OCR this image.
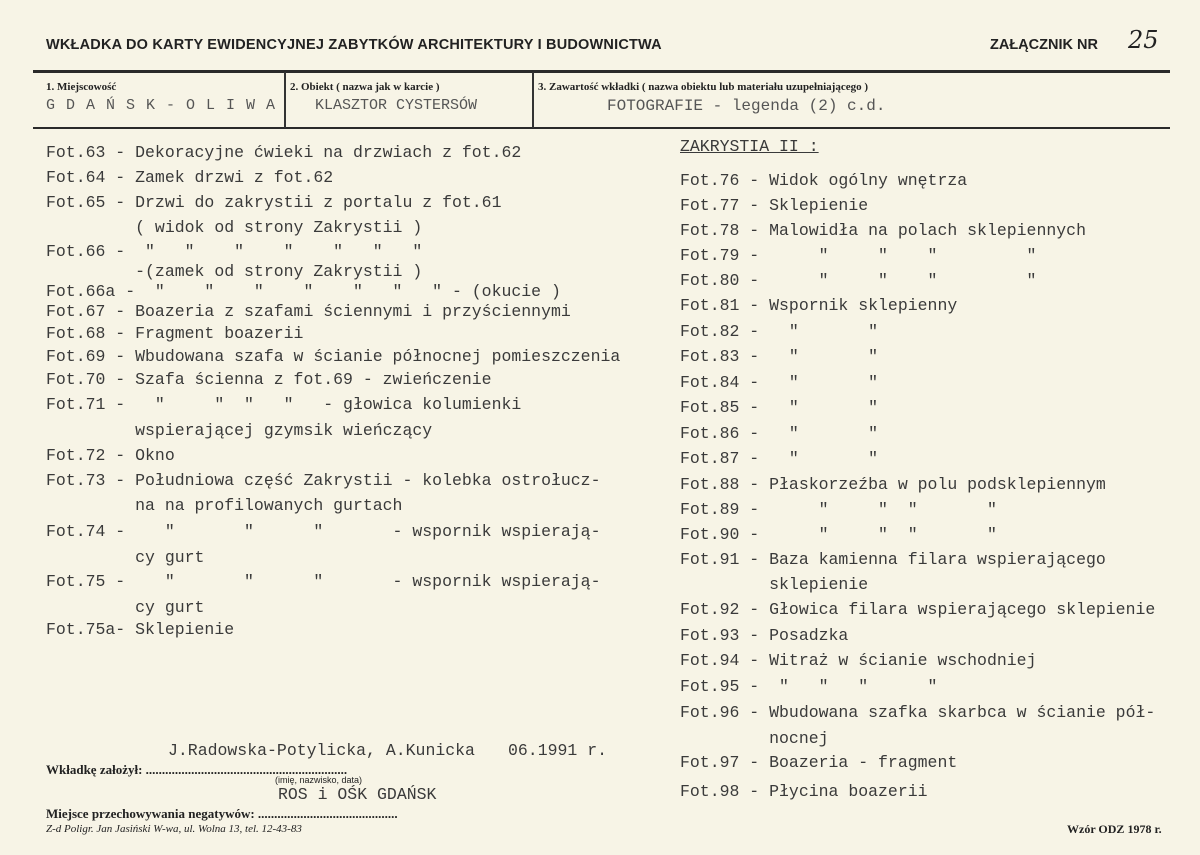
WKŁADKA DO KARTY EWIDENCYJNEJ ZABYTKÓW ARCHITEKTURY I BUDOWNICTWA	ZAŁĄCZNIK NR 25
1. Miejscowość
G D A Ń S K - O L I W A
2. Obiekt ( nazwa jak w karcie )
KLASZTOR CYSTERSÓW
3. Zawartość wkładki ( nazwa obiektu lub materiału uzupełniającego )
FOTOGRAFIE - legenda (2) c.d.
Fot.63 - Dekoracyjne ćwieki na drzwiach z fot.62
Fot.64 - Zamek drzwi z fot.62
Fot.65 - Drzwi do zakrystii z portalu z fot.61
( widok od strony Zakrystii )
Fot.66 -  "   "    "    "    "   "   "
-(zamek od strony Zakrystii )
Fot.66a -  "    "    "    "    "   "   " - (okucie )
Fot.67 - Boazeria z szafami ściennymi i przyściennymi
Fot.68 - Fragment boazerii
Fot.69 - Wbudowana szafa w ścianie północnej pomieszczenia
Fot.70 - Szafa ścienna z fot.69 - zwieńczenie
Fot.71 -   "     "  "   "   - głowica kolumienki
wspierającej gzymsik wieńczący
Fot.72 - Okno
Fot.73 - Południowa część Zakrystii - kolebka ostrołucz-
na na profilowanych gurtach
Fot.74 -    "       "      "       - wspornik wspierają-
cy gurt
Fot.75 -    "       "      "       - wspornik wspierają-
cy gurt
Fot.75a- Sklepienie
ZAKRYSTIA II :
Fot.76 - Widok ogólny wnętrza
Fot.77 - Sklepienie
Fot.78 - Malowidła na polach sklepiennych
Fot.79 -      "     "    "         "
Fot.80 -      "     "    "         "
Fot.81 - Wspornik sklepienny
Fot.82 -   "       "
Fot.83 -   "       "
Fot.84 -   "       "
Fot.85 -   "       "
Fot.86 -   "       "
Fot.87 -   "       "
Fot.88 - Płaskorzeźba w polu podsklepiennym
Fot.89 -      "     "  "       "
Fot.90 -      "     "  "       "
Fot.91 - Baza kamienna filara wspierającego
sklepienie
Fot.92 - Głowica filara wspierającego sklepienie
Fot.93 - Posadzka
Fot.94 - Witraż w ścianie wschodniej
Fot.95 -  "   "   "      "
Fot.96 - Wbudowana szafka skarbca w ścianie pół-
nocnej
Fot.97 - Boazeria - fragment
Fot.98 - Płycina boazerii
J.Radowska-Potylicka, A.Kunicka 06.1991 r.
Wkładkę założył: ..............................................................
(imię, nazwisko, data)
ROS i OŚK GDAŃSK
Miejsce przechowywania negatywów: ...........................................
Z-d Poligr. Jan Jasiński W-wa, ul. Wolna 13, tel. 12-43-83	Wzór ODZ 1978 r.
